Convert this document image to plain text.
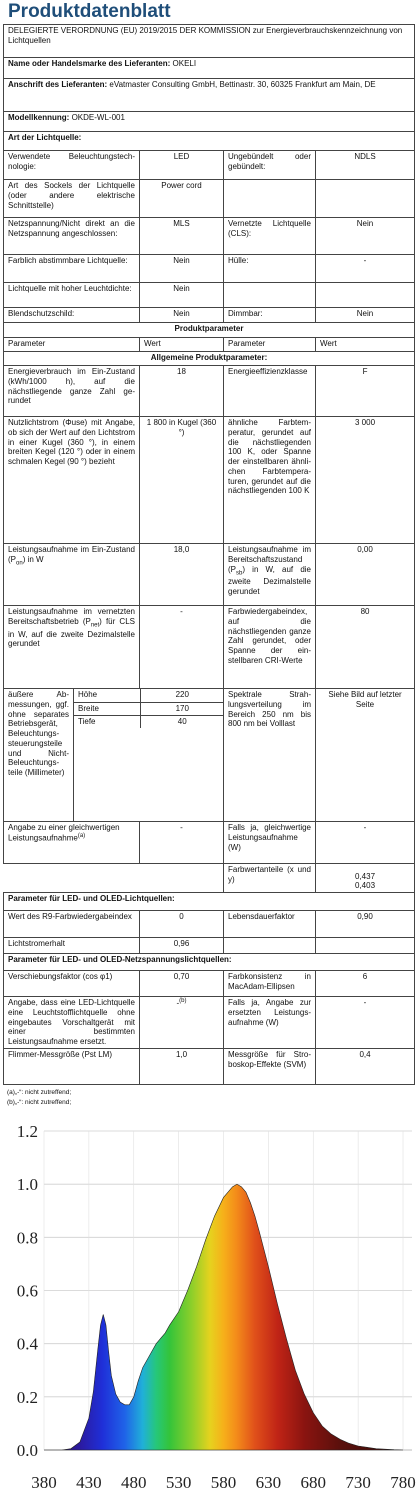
Produktdatenblatt
DELEGIERTE VERORDNUNG (EU) 2019/2015 DER KOMMISSION zur Energieverbrauchskennzeichnung von Lichtquellen
Name oder Handelsmarke des Lieferanten: OKELI
Anschrift des Lieferanten: eVatmaster Consulting GmbH, Bettinastr. 30, 60325 Frankfurt am Main, DE
Modellkennung: OKDE-WL-001
Art der Lichtquelle:
Verwendete Beleuchtungstechnologie:	LED	Ungebündelt oder gebündelt:	NDLS
Art des Sockels der Lichtquelle (oder andere elektrische Schnittstelle)	Power cord		
Netzspannung/Nicht direkt an die Netzspannung angeschlossen:	MLS	Vernetzte Lichtquelle (CLS):	Nein
Farblich abstimmbare Lichtquelle:	Nein	Hülle:	-
Lichtquelle mit hoher Leuchtdichte:	Nein		
Blendschutzschild:	Nein	Dimmbar:	Nein
Produktparameter
Parameter	Wert	Parameter	Wert
Allgemeine Produktparameter:
Energieverbrauch im Ein-Zustand (kWh/1000 h), auf die nächstliegende ganze Zahl gerundet	18	Energieeffizienzklasse	F
Nutzlichtstrom (Φuse) mit Angabe, ob sich der Wert auf den Lichtstrom in einer Kugel (360 °), in einem breiten Kegel (120 °) oder in einem schmalen Kegel (90 °) bezieht	1 800 in Kugel (360 °)	ähnliche Farbtemperatur, gerundet auf die nächstliegenden 100 K, oder Spanne der einstellbaren ähnlichen Farbtemperaturen, gerundet auf die nächstliegenden 100 K	3 000
Leistungsaufnahme im Ein-Zustand $(P_{on})$ in W	18,0	Leistungsaufnahme im Bereitschaftszustand $(P_{sb})$ in W, auf die zweite Dezimalstelle gerundet	0,00
Leistungsaufnahme im vernetzten Bereitschaftsbetrieb $(P_{net})$ für CLS in W, auf die zweite Dezimalstelle gerundet	-	Farbwiedergabeindex, auf die nächstliegenden ganze Zahl gerundet, oder Spanne der einstellbaren CRI-Werte	80
äußere Abmessungen, ggf. ohne separates Betriebsgerät, Beleuchtungssteuerungsteile und Nicht-Beleuchtungsteile (Millimeter)	
Höhe	220
Breite	170
Tiefe	40
	Spektrale Strahlungsverteilung im Bereich 250 nm bis 800 nm bei Volllast	Siehe Bild auf letzter Seite
Angabe zu einer gleichwertigen Leistungsaufnahme$^{(a)}$	-	Falls ja, gleichwertige Leistungsaufnahme (W)	-
	Farbwertanteile (x und y)	0,437
0,403

Parameter für LED- und OLED-Lichtquellen:
Wert des R9-Farbwiedergabeindex	0	Lebensdauerfaktor	0,90
Lichtstromerhalt	0,96		
Parameter für LED- und OLED-Netzspannungslichtquellen:
Verschiebungsfaktor (cos φ1)	0,70	Farbkonsistenz in MacAdam-Ellipsen	6
Angabe, dass eine LED-Lichtquelle eine Leuchtstofflichtquelle ohne eingebautes Vorschaltgerät mit einer bestimmten Leistungsaufnahme ersetzt.	-$^{(b)}$	Falls ja, Angabe zur ersetzten Leistungsaufnahme (W)	-
Flimmer-Messgröße (Pst LM)	1,0	Messgröße für Stroboskop-Effekte (SVM)	0,4
(a)„-“: nicht zutreffend;
(b)„-“: nicht zutreffend;
0.0
0.2
0.4
0.6
0.8
1.0
1.2
380 430 480 530 580 630 680 730 780
